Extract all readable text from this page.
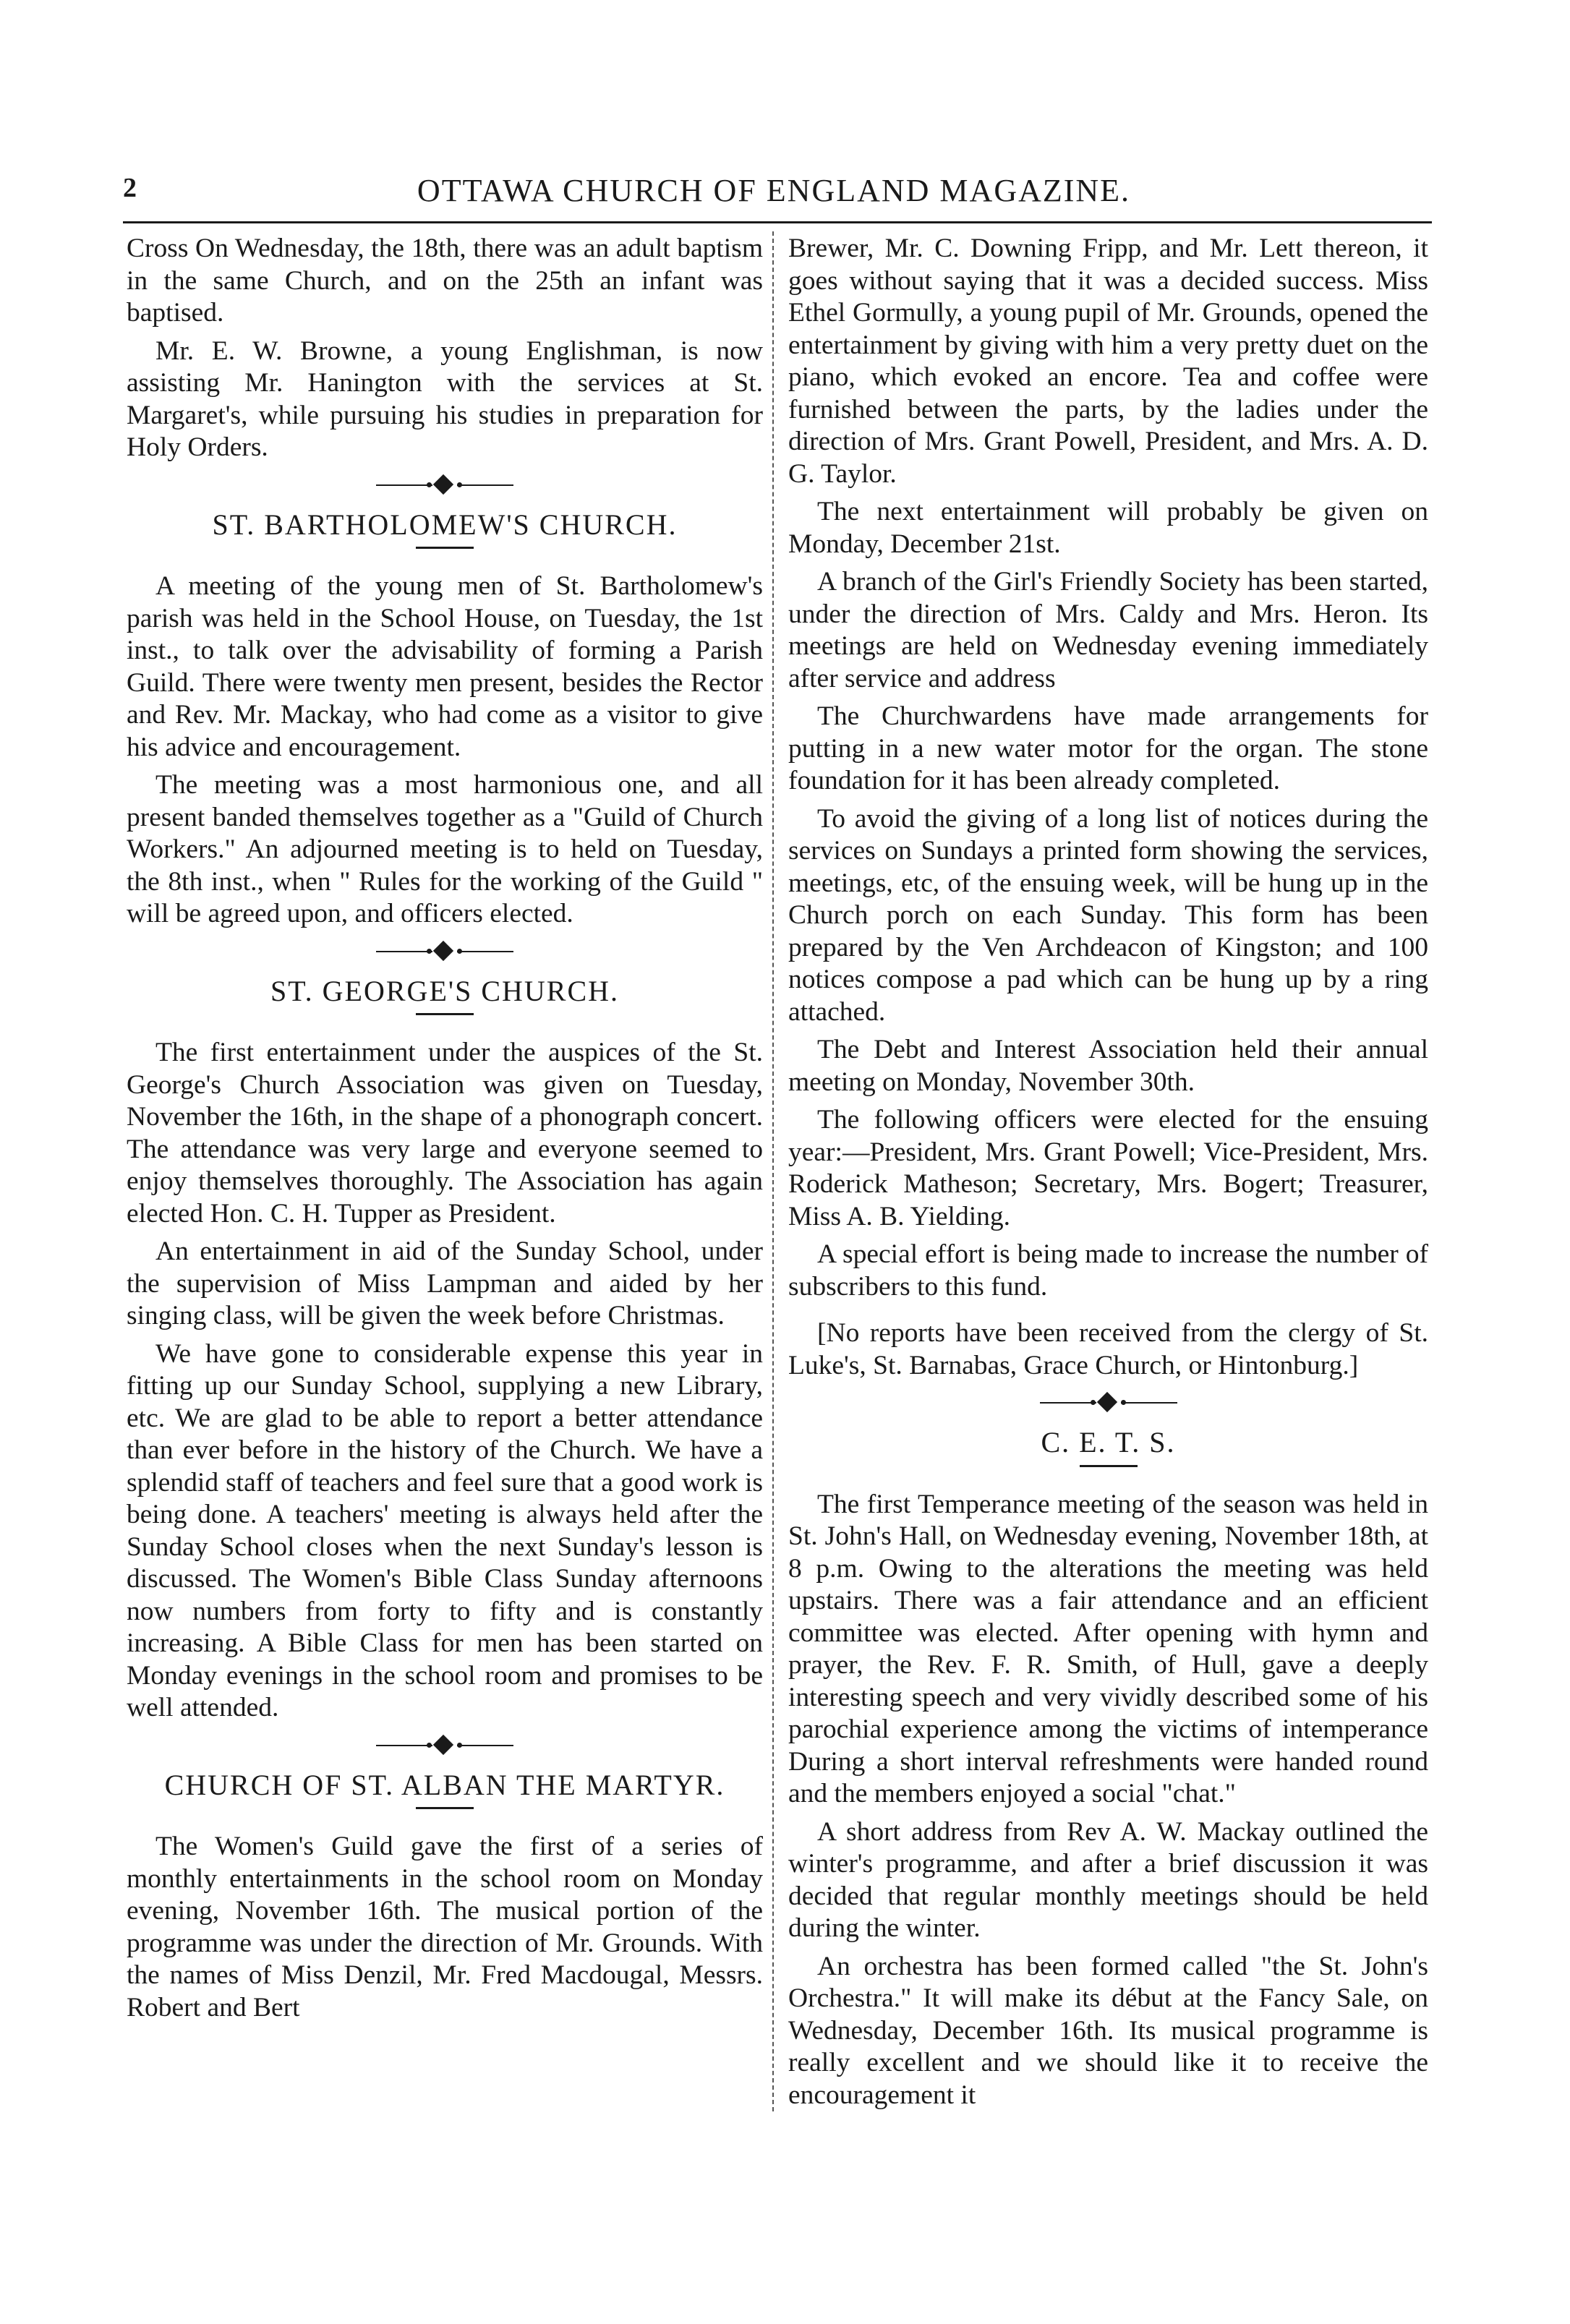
2	OTTAWA CHURCH OF ENGLAND MAGAZINE.

Cross On Wednesday, the 18th, there was an adult baptism in the same Church, and on the 25th an infant was baptised.

Mr. E. W. Browne, a young Englishman, is now assisting Mr. Hanington with the services at St. Margaret's, while pursuing his studies in preparation for Holy Orders.

ST. BARTHOLOMEW'S CHURCH.

A meeting of the young men of St. Bartholomew's parish was held in the School House, on Tuesday, the 1st inst., to talk over the advisability of forming a Parish Guild. There were twenty men present, besides the Rector and Rev. Mr. Mackay, who had come as a visitor to give his advice and encouragement.

The meeting was a most harmonious one, and all present banded themselves together as a "Guild of Church Workers." An adjourned meeting is to held on Tuesday, the 8th inst., when " Rules for the working of the Guild " will be agreed upon, and officers elected.

ST. GEORGE'S CHURCH.

The first entertainment under the auspices of the St. George's Church Association was given on Tuesday, November the 16th, in the shape of a phonograph concert. The attendance was very large and everyone seemed to enjoy themselves thoroughly. The Association has again elected Hon. C. H. Tupper as President.

An entertainment in aid of the Sunday School, under the supervision of Miss Lampman and aided by her singing class, will be given the week before Christmas.

We have gone to considerable expense this year in fitting up our Sunday School, supplying a new Library, etc. We are glad to be able to report a better attendance than ever before in the history of the Church. We have a splendid staff of teachers and feel sure that a good work is being done. A teachers' meeting is always held after the Sunday School closes when the next Sunday's lesson is discussed. The Women's Bible Class Sunday afternoons now numbers from forty to fifty and is constantly increasing. A Bible Class for men has been started on Monday evenings in the school room and promises to be well attended.

CHURCH OF ST. ALBAN THE MARTYR.

The Women's Guild gave the first of a series of monthly entertainments in the school room on Monday evening, November 16th. The musical portion of the programme was under the direction of Mr. Grounds. With the names of Miss Denzil, Mr. Fred Macdougal, Messrs. Robert and Bert

Brewer, Mr. C. Downing Fripp, and Mr. Lett thereon, it goes without saying that it was a decided success. Miss Ethel Gormully, a young pupil of Mr. Grounds, opened the entertainment by giving with him a very pretty duet on the piano, which evoked an encore. Tea and coffee were furnished between the parts, by the ladies under the direction of Mrs. Grant Powell, President, and Mrs. A. D. G. Taylor.

The next entertainment will probably be given on Monday, December 21st.

A branch of the Girl's Friendly Society has been started, under the direction of Mrs. Caldy and Mrs. Heron. Its meetings are held on Wednesday evening immediately after service and address

The Churchwardens have made arrangements for putting in a new water motor for the organ. The stone foundation for it has been already completed.

To avoid the giving of a long list of notices during the services on Sundays a printed form showing the services, meetings, etc, of the ensuing week, will be hung up in the Church porch on each Sunday. This form has been prepared by the Ven Archdeacon of Kingston; and 100 notices compose a pad which can be hung up by a ring attached.

The Debt and Interest Association held their annual meeting on Monday, November 30th.

The following officers were elected for the ensuing year:—President, Mrs. Grant Powell; Vice-President, Mrs. Roderick Matheson; Secretary, Mrs. Bogert; Treasurer, Miss A. B. Yielding.

A special effort is being made to increase the number of subscribers to this fund.

[No reports have been received from the clergy of St. Luke's, St. Barnabas, Grace Church, or Hintonburg.]

C. E. T. S.

The first Temperance meeting of the season was held in St. John's Hall, on Wednesday evening, November 18th, at 8 p.m. Owing to the alterations the meeting was held upstairs. There was a fair attendance and an efficient committee was elected. After opening with hymn and prayer, the Rev. F. R. Smith, of Hull, gave a deeply interesting speech and very vividly described some of his parochial experience among the victims of intemperance During a short interval refreshments were handed round and the members enjoyed a social "chat."

A short address from Rev A. W. Mackay outlined the winter's programme, and after a brief discussion it was decided that regular monthly meetings should be held during the winter.

An orchestra has been formed called "the St. John's Orchestra." It will make its début at the Fancy Sale, on Wednesday, December 16th. Its musical programme is really excellent and we should like it to receive the encouragement it
